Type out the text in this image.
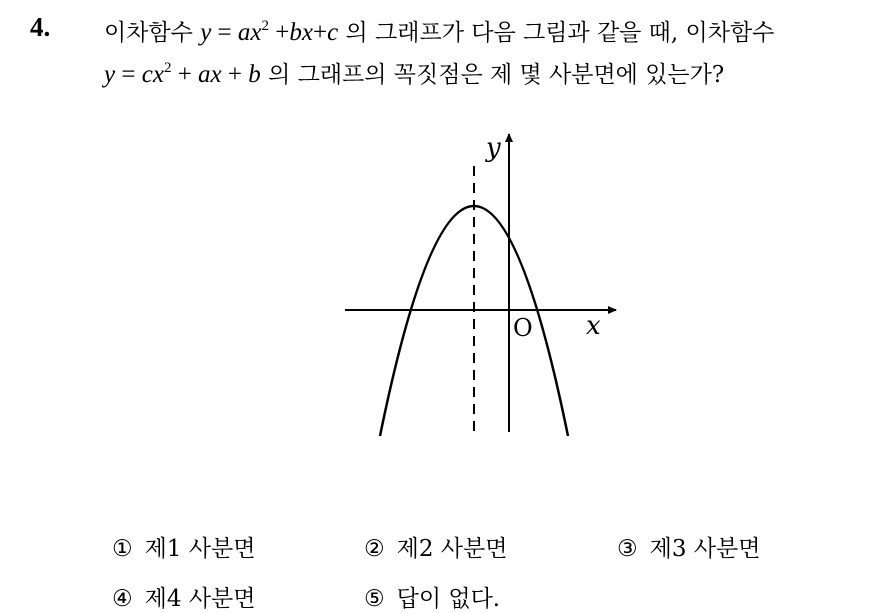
4. 이차함수 $y = ax^2 +bx+c$ 의 그래프가 다음 그림과 같을 때, 이차함수
$y = cx^2$ + ax + b 의 그래프의 꼭짓점은 제 몇 사분면에 있는가?
y
x
O
① 제1 사분면	② 제2 사분면	③ 제3 사분면
④ 제4 사분면	⑤ 답이 없다.
